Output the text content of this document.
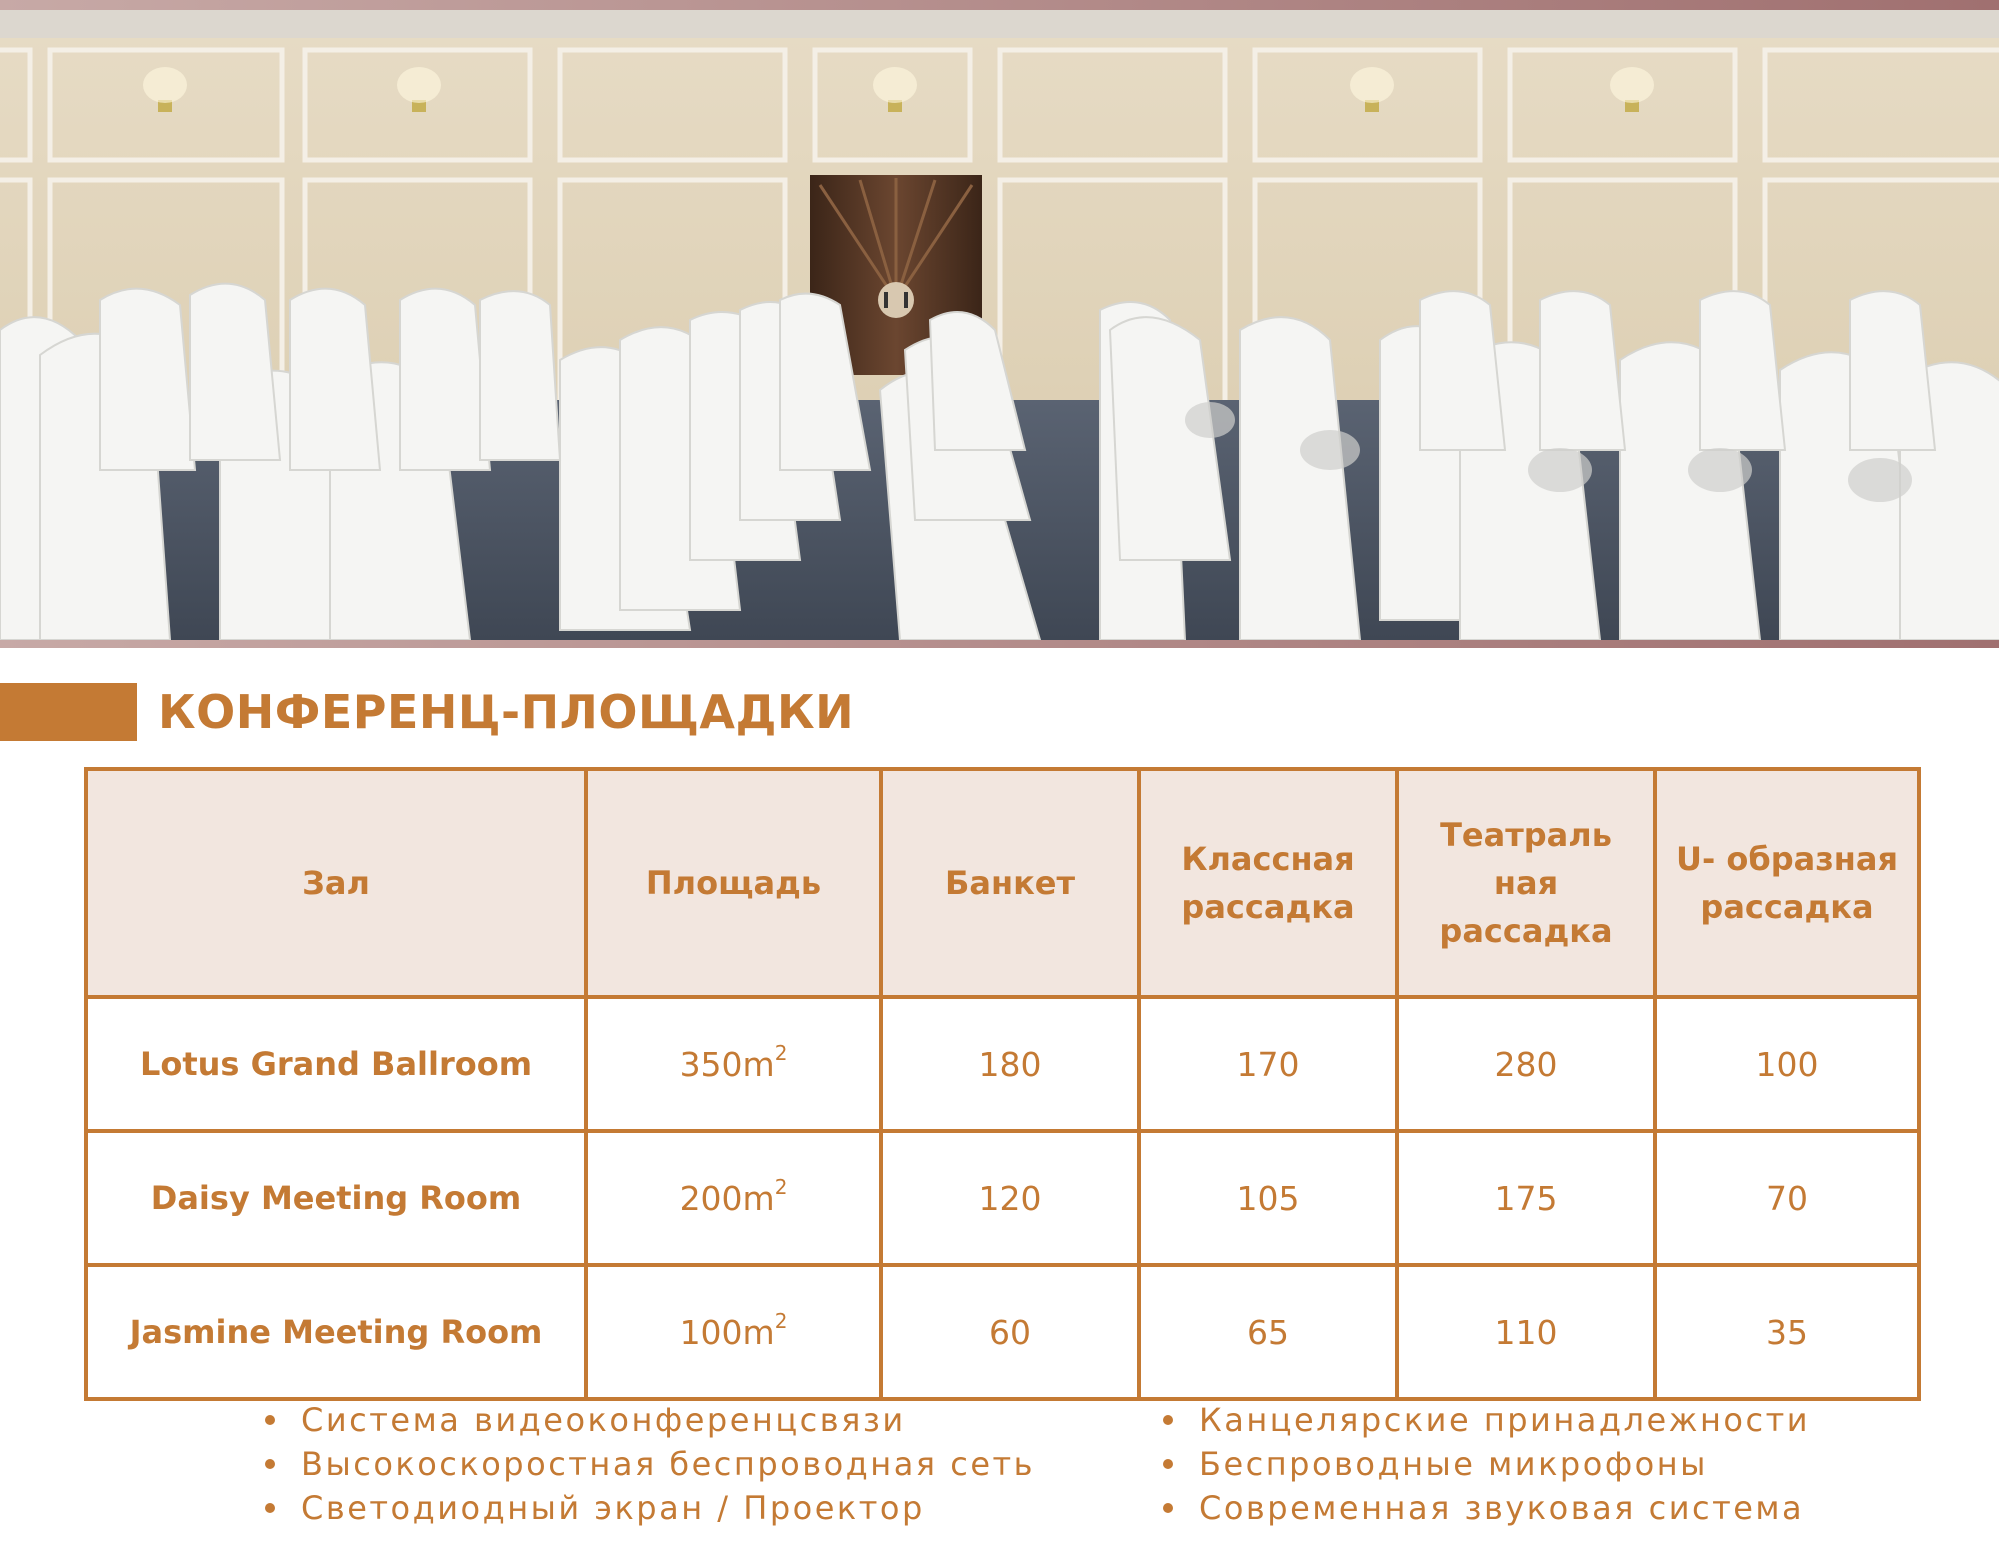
КОНФЕРЕНЦ-ПЛОЩАДКИ
Зал	Площадь	Банкет	Классная рассадка	Театраль ная рассадка	U- образная рассадка
Lotus Grand Ballroom	$350m^2$	180	170	280	100
Daisy Meeting Room	$200m^2$	120	105	175	70
Jasmine Meeting Room	$100m^2$	60	65	110	35
Система видеоконференцсвязи
Высокоскоростная беспроводная сеть
Светодиодный экран / Проектор
Канцелярские принадлежности
Беспроводные микрофоны
Современная звуковая система
